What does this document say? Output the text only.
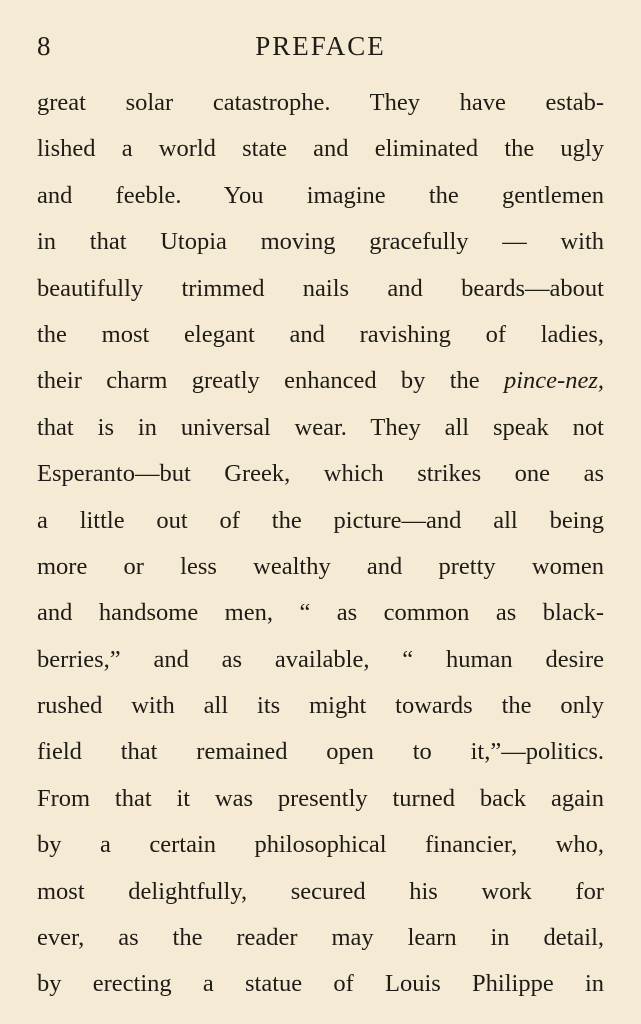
8	PREFACE
great solar catastrophe. They have estab-
lished a world state and eliminated the ugly
and feeble. You imagine the gentlemen
in that Utopia moving gracefully — with
beautifully trimmed nails and beards—about
the most elegant and ravishing of ladies,
their charm greatly enhanced by the pince-nez,
that is in universal wear. They all speak not
Esperanto—but Greek, which strikes one as
a little out of the picture—and all being
more or less wealthy and pretty women
and handsome men, “ as common as black-
berries,” and as available, “ human desire
rushed with all its might towards the only
field that remained open to it,”—politics.
From that it was presently turned back again
by a certain philosophical financier, who,
most delightfully, secured his work for
ever, as the reader may learn in detail,
by erecting a statue of Louis Philippe in
